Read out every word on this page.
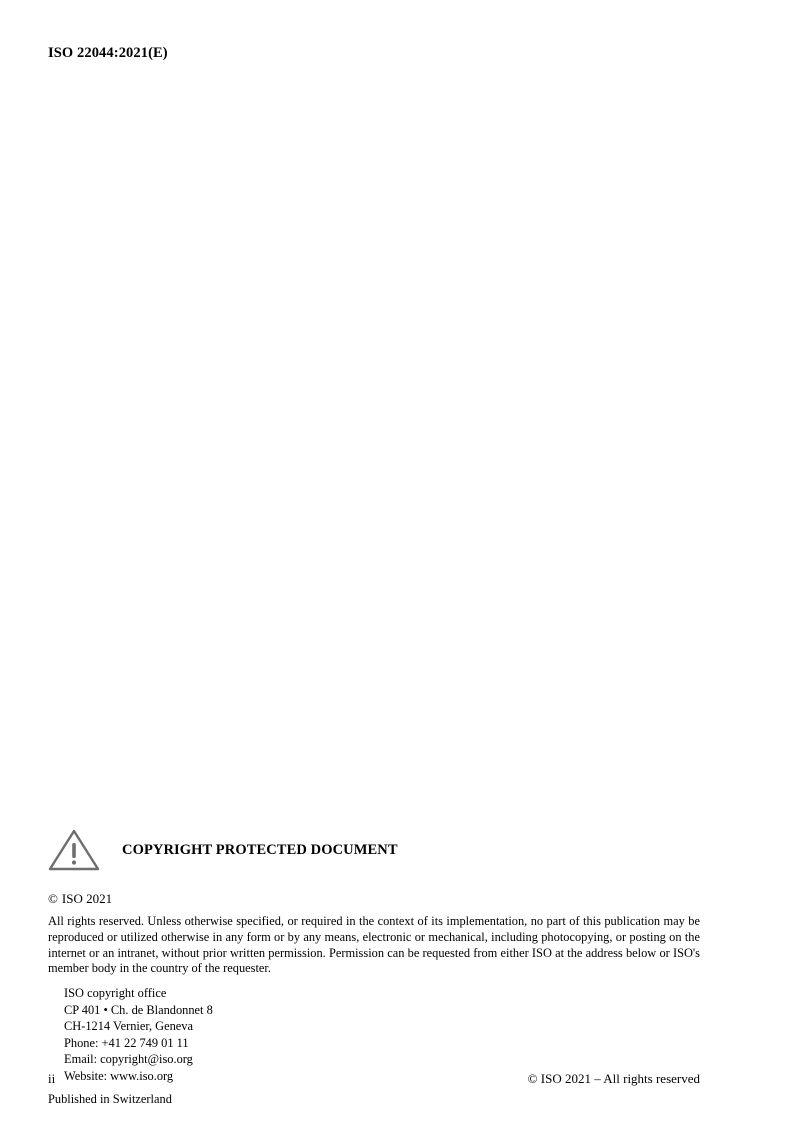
ISO 22044:2021(E)
COPYRIGHT PROTECTED DOCUMENT
© ISO 2021
All rights reserved. Unless otherwise specified, or required in the context of its implementation, no part of this publication may be reproduced or utilized otherwise in any form or by any means, electronic or mechanical, including photocopying, or posting on the internet or an intranet, without prior written permission. Permission can be requested from either ISO at the address below or ISO's member body in the country of the requester.
ISO copyright office
CP 401 • Ch. de Blandonnet 8
CH-1214 Vernier, Geneva
Phone: +41 22 749 01 11
Email: copyright@iso.org
Website: www.iso.org
Published in Switzerland
ii	© ISO 2021 – All rights reserved
